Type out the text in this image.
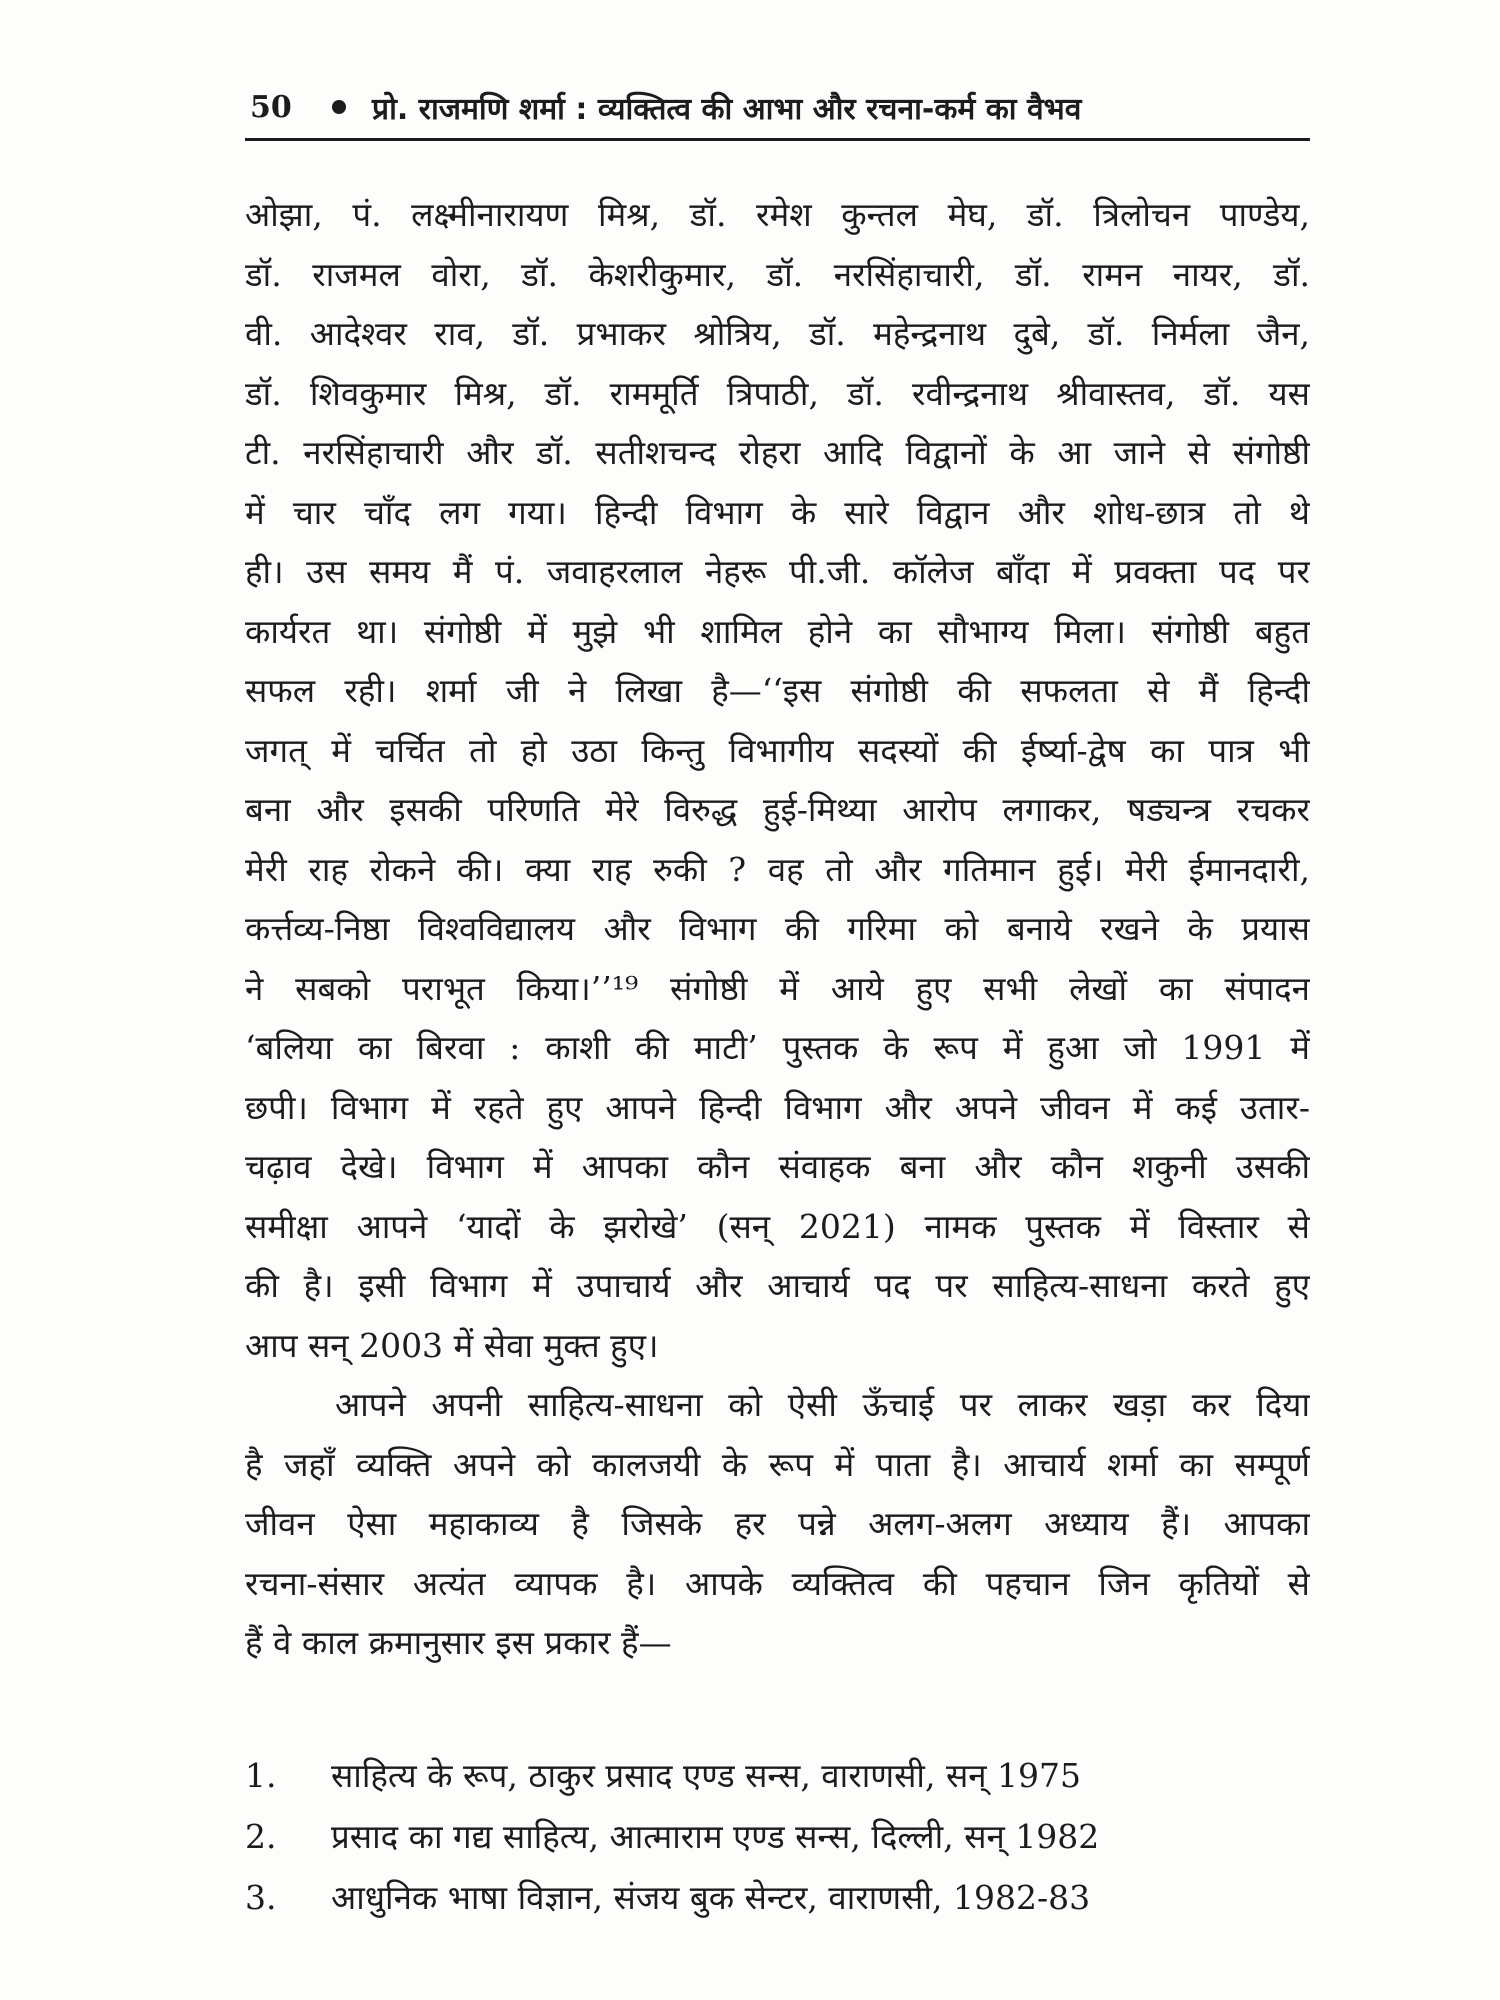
50	प्रो. राजमणि शर्मा : व्यक्तित्व की आभा और रचना-कर्म का वैभव
ओझा, पं. लक्ष्मीनारायण मिश्र, डॉ. रमेश कुन्तल मेघ, डॉ. त्रिलोचन पाण्डेय,
डॉ. राजमल वोरा, डॉ. केशरीकुमार, डॉ. नरसिंहाचारी, डॉ. रामन नायर, डॉ.
वी. आदेश्वर राव, डॉ. प्रभाकर श्रोत्रिय, डॉ. महेन्द्रनाथ दुबे, डॉ. निर्मला जैन,
डॉ. शिवकुमार मिश्र, डॉ. राममूर्ति त्रिपाठी, डॉ. रवीन्द्रनाथ श्रीवास्तव, डॉ. यस
टी. नरसिंहाचारी और डॉ. सतीशचन्द रोहरा आदि विद्वानों के आ जाने से संगोष्ठी
में चार चाँद लग गया। हिन्दी विभाग के सारे विद्वान और शोध-छात्र तो थे
ही। उस समय मैं पं. जवाहरलाल नेहरू पी.जी. कॉलेज बाँदा में प्रवक्ता पद पर
कार्यरत था। संगोष्ठी में मुझे भी शामिल होने का सौभाग्य मिला। संगोष्ठी बहुत
सफल रही। शर्मा जी ने लिखा है—‘‘इस संगोष्ठी की सफलता से मैं हिन्दी
जगत् में चर्चित तो हो उठा किन्तु विभागीय सदस्यों की ईर्ष्या-द्वेष का पात्र भी
बना और इसकी परिणति मेरे विरुद्ध हुई-मिथ्या आरोप लगाकर, षड्यन्त्र रचकर
मेरी राह रोकने की। क्या राह रुकी ? वह तो और गतिमान हुई। मेरी ईमानदारी,
कर्त्तव्य-निष्ठा विश्वविद्यालय और विभाग की गरिमा को बनाये रखने के प्रयास
ने सबको पराभूत किया।’’¹⁹ संगोष्ठी में आये हुए सभी लेखों का संपादन
‘बलिया का बिरवा : काशी की माटी’ पुस्तक के रूप में हुआ जो 1991 में
छपी। विभाग में रहते हुए आपने हिन्दी विभाग और अपने जीवन में कई उतार-
चढ़ाव देखे। विभाग में आपका कौन संवाहक बना और कौन शकुनी उसकी
समीक्षा आपने ‘यादों के झरोखे’ (सन् 2021) नामक पुस्तक में विस्तार से
की है। इसी विभाग में उपाचार्य और आचार्य पद पर साहित्य-साधना करते हुए
आप सन् 2003 में सेवा मुक्त हुए।
आपने अपनी साहित्य-साधना को ऐसी ऊँचाई पर लाकर खड़ा कर दिया
है जहाँ व्यक्ति अपने को कालजयी के रूप में पाता है। आचार्य शर्मा का सम्पूर्ण
जीवन ऐसा महाकाव्य है जिसके हर पन्ने अलग-अलग अध्याय हैं। आपका
रचना-संसार अत्यंत व्यापक है। आपके व्यक्तित्व की पहचान जिन कृतियों से
हैं वे काल क्रमानुसार इस प्रकार हैं—
1.	साहित्य के रूप, ठाकुर प्रसाद एण्ड सन्स, वाराणसी, सन् 1975
2.	प्रसाद का गद्य साहित्य, आत्माराम एण्ड सन्स, दिल्ली, सन् 1982
3.	आधुनिक भाषा विज्ञान, संजय बुक सेन्टर, वाराणसी, 1982-83
